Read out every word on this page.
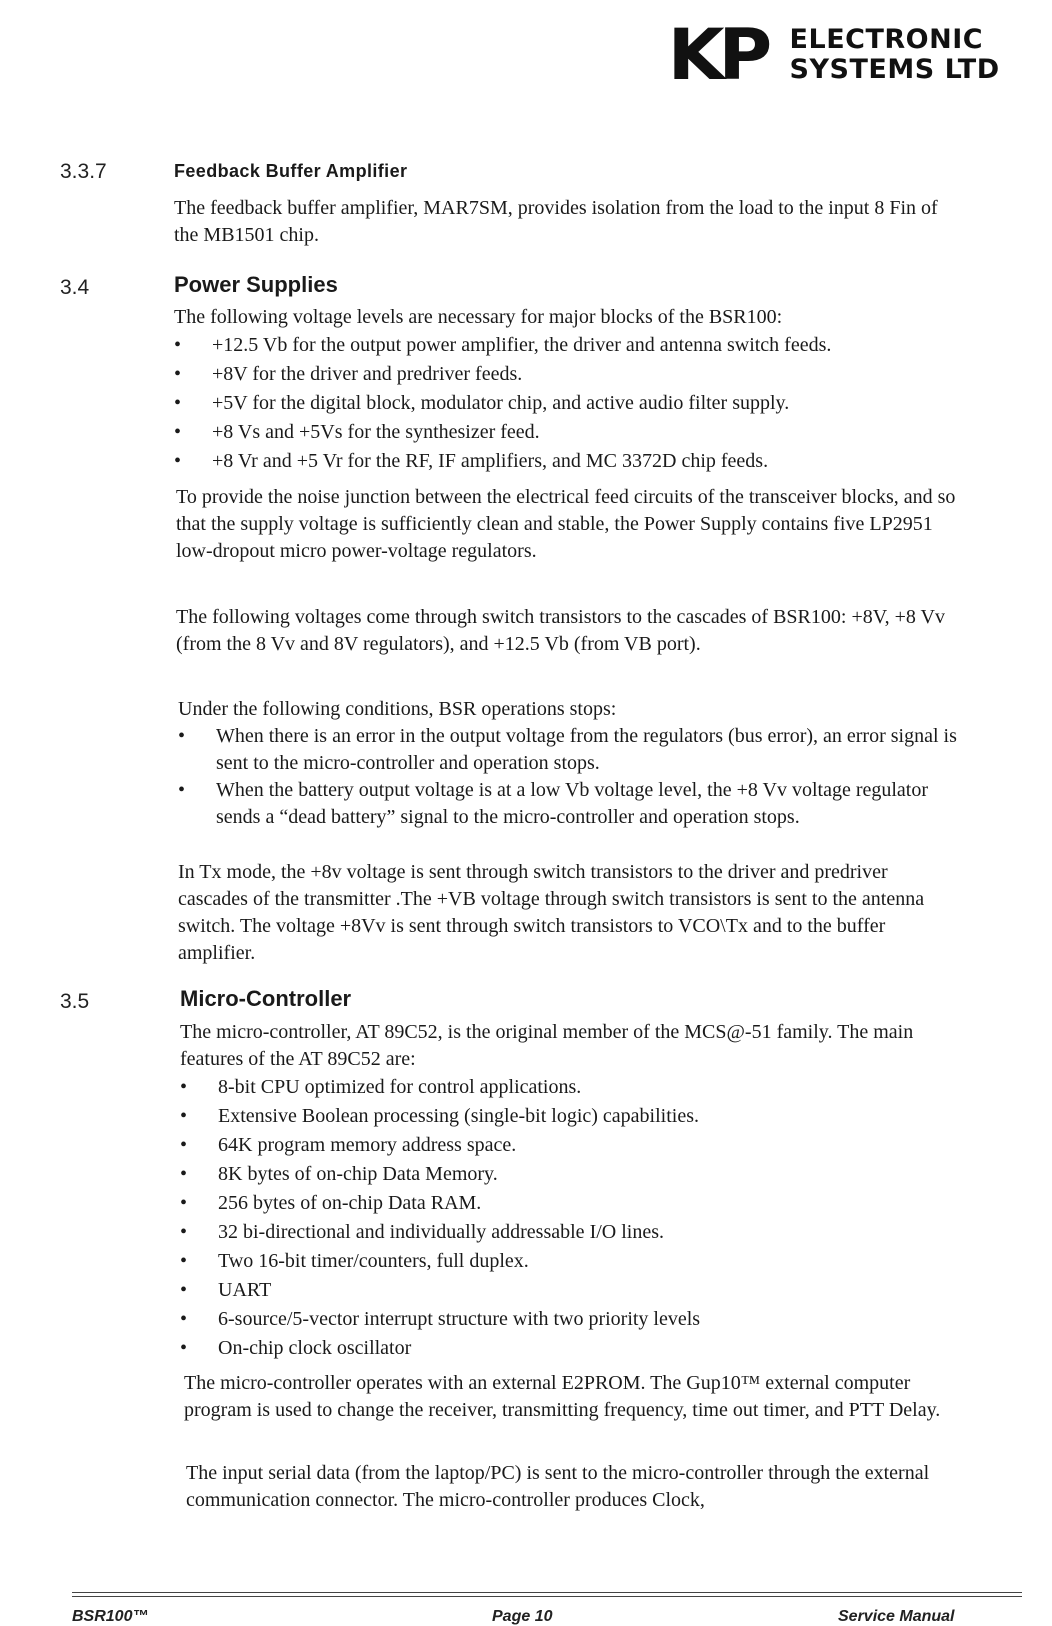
KP ELECTRONIC
SYSTEMS LTD
3.3.7	Feedback Buffer Amplifier

The feedback buffer amplifier, MAR7SM, provides isolation from the load to the input 8 Fin of the MB1501 chip.

3.4	Power Supplies

The following voltage levels are necessary for major blocks of the BSR100:

• +12.5 Vb for the output power amplifier, the driver and antenna switch feeds.
• +8V for the driver and predriver feeds.
• +5V for the digital block, modulator chip, and active audio filter supply.
• +8 Vs and +5Vs for the synthesizer feed.
• +8 Vr and +5 Vr for the RF, IF amplifiers, and MC 3372D chip feeds.

To provide the noise junction between the electrical feed circuits of the transceiver blocks, and so that the supply voltage is sufficiently clean and stable, the Power Supply contains five LP2951 low-dropout micro power-voltage regulators.

The following voltages come through switch transistors to the cascades of BSR100: +8V, +8 Vv (from the 8 Vv and 8V regulators), and +12.5 Vb (from VB port).

Under the following conditions, BSR operations stops:

• When there is an error in the output voltage from the regulators (bus error), an error signal is sent to the micro-controller and operation stops.
• When the battery output voltage is at a low Vb voltage level, the +8 Vv voltage regulator sends a “dead battery” signal to the micro-controller and operation stops.

In Tx mode, the +8v voltage is sent through switch transistors to the driver and predriver cascades of the transmitter .The +VB voltage through switch transistors is sent to the antenna switch. The voltage +8Vv is sent through switch transistors to VCO\Tx and to the buffer amplifier.

3.5	Micro-Controller

The micro-controller, AT 89C52, is the original member of the MCS@-51 family. The main features of the AT 89C52 are:

• 8-bit CPU optimized for control applications.
• Extensive Boolean processing (single-bit logic) capabilities.
• 64K program memory address space.
• 8K bytes of on-chip Data Memory.
• 256 bytes of on-chip Data RAM.
• 32 bi-directional and individually addressable I/O lines.
• Two 16-bit timer/counters, full duplex.
• UART
• 6-source/5-vector interrupt structure with two priority levels
• On-chip clock oscillator

The micro-controller operates with an external E2PROM. The Gup10™ external computer program is used to change the receiver, transmitting frequency, time out timer, and PTT Delay.

The input serial data (from the laptop/PC) is sent to the micro-controller through the external communication connector. The micro-controller produces Clock,

BSR100™	Page 10	Service Manual
